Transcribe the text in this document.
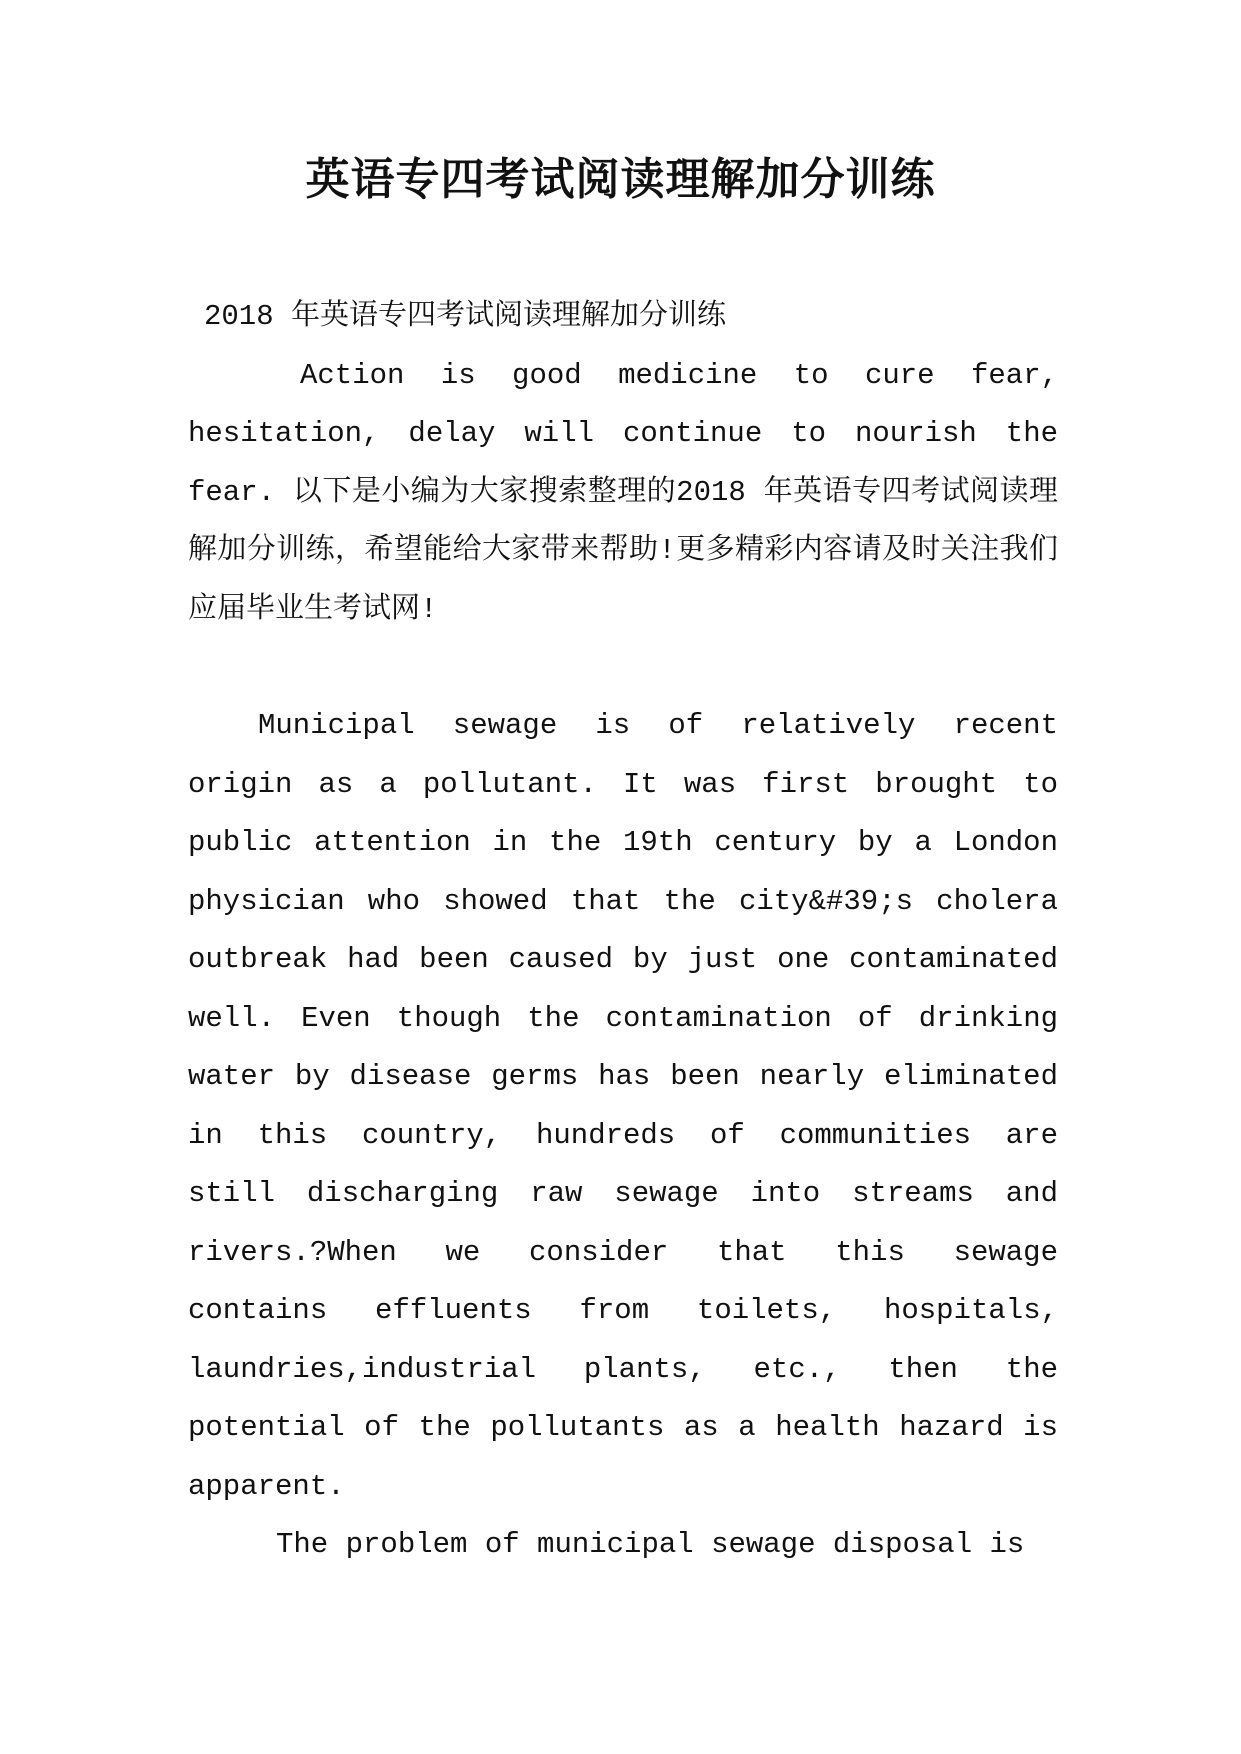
英语专四考试阅读理解加分训练

2018 年英语专四考试阅读理解加分训练

Action is good medicine to cure fear, hesitation, delay will continue to nourish the fear. 以下是小编为大家搜索整理的2018 年英语专四考试阅读理解加分训练，希望能给大家带来帮助!更多精彩内容请及时关注我们应届毕业生考试网!

Municipal sewage is of relatively recent origin as a pollutant. It was first brought to public attention in the 19th century by a London physician who showed that the city&#39;s cholera outbreak had been caused by just one contaminated well. Even though the contamination of drinking water by disease germs has been nearly eliminated in this country, hundreds of communities are still discharging raw sewage into streams and rivers.?When we consider that this sewage contains effluents from toilets, hospitals, laundries,industrial plants, etc., then the potential of the pollutants as a health hazard is apparent.

The problem of municipal sewage disposal is
